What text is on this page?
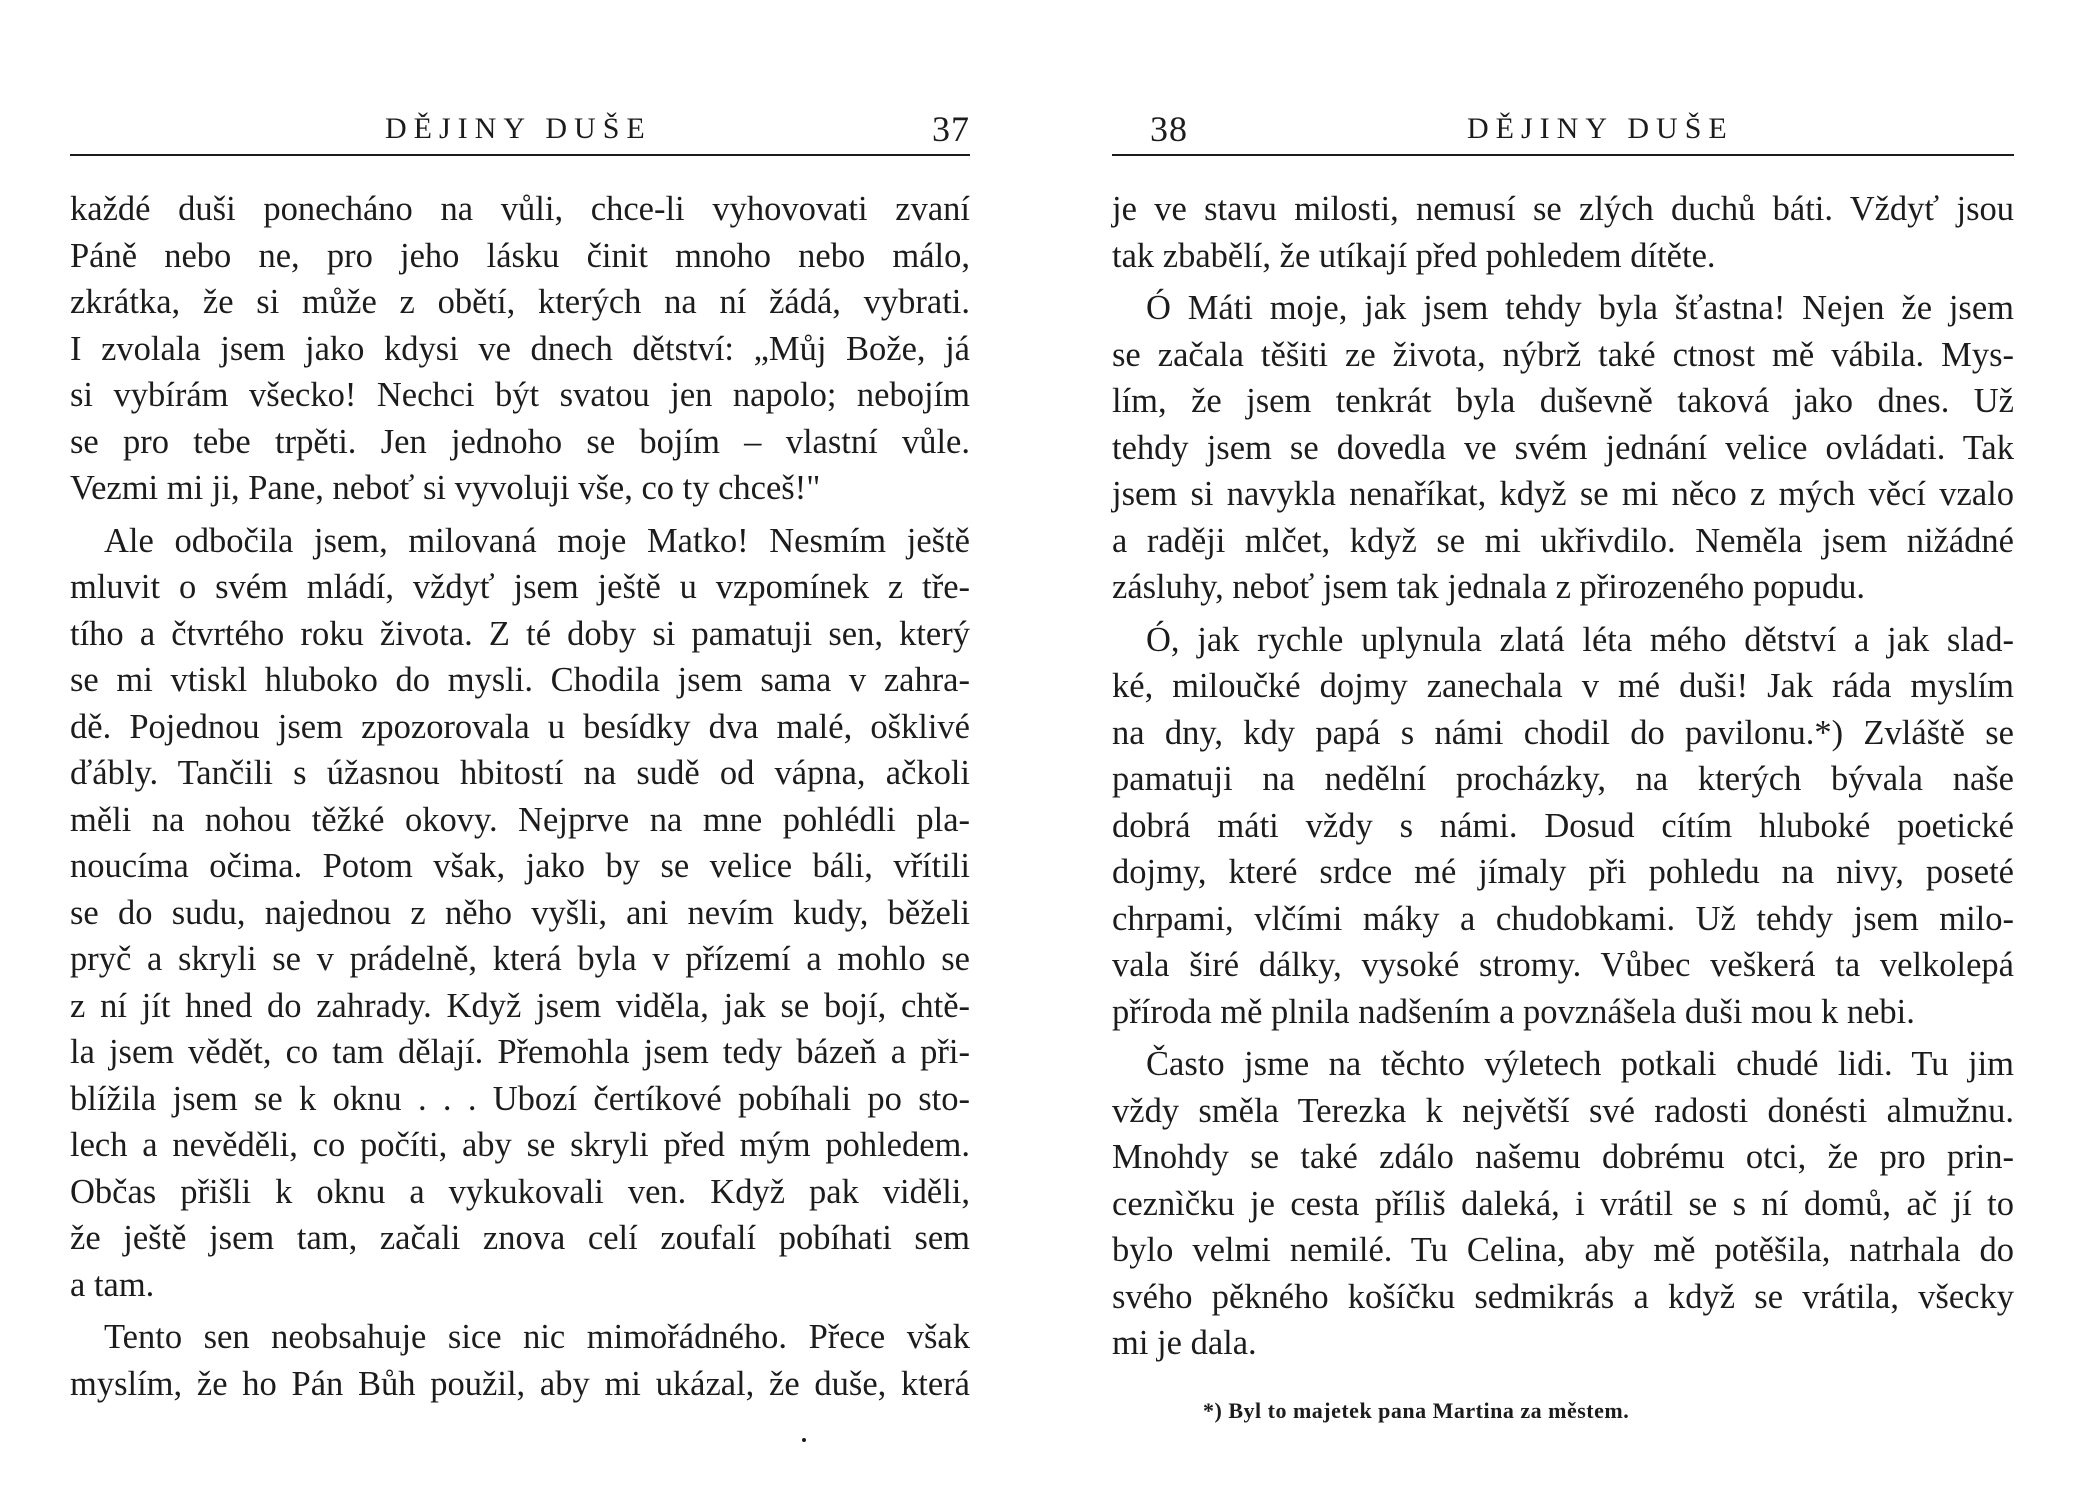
DĚJINY DUŠE	37
každé duši ponecháno na vůli, chce-li vyhovovati zvaní
Páně nebo ne, pro jeho lásku činit mnoho nebo málo,
zkrátka, že si může z obětí, kterých na ní žádá, vybrati.
I zvolala jsem jako kdysi ve dnech dětství: „Můj Bože, já
si vybírám všecko! Nechci být svatou jen napolo; nebojím
se pro tebe trpěti. Jen jednoho se bojím – vlastní vůle.
Vezmi mi ji, Pane, neboť si vyvoluji vše, co ty chceš!"
Ale odbočila jsem, milovaná moje Matko! Nesmím ještě
mluvit o svém mládí, vždyť jsem ještě u vzpomínek z tře-
tího a čtvrtého roku života. Z té doby si pamatuji sen, který
se mi vtiskl hluboko do mysli. Chodila jsem sama v zahra-
dě. Pojednou jsem zpozorovala u besídky dva malé, ošklivé
ďábly. Tančili s úžasnou hbitostí na sudě od vápna, ačkoli
měli na nohou těžké okovy. Nejprve na mne pohlédli pla-
noucíma očima. Potom však, jako by se velice báli, vřítili
se do sudu, najednou z něho vyšli, ani nevím kudy, běželi
pryč a skryli se v prádelně, která byla v přízemí a mohlo se
z ní jít hned do zahrady. Když jsem viděla, jak se bojí, chtě-
la jsem vědět, co tam dělají. Přemohla jsem tedy bázeň a při-
blížila jsem se k oknu . . . Ubozí čertíkové pobíhali po sto-
lech a nevěděli, co počíti, aby se skryli před mým pohledem.
Občas přišli k oknu a vykukovali ven. Když pak viděli,
že ještě jsem tam, začali znova celí zoufalí pobíhati sem
a tam.
Tento sen neobsahuje sice nic mimořádného. Přece však
myslím, že ho Pán Bůh použil, aby mi ukázal, že duše, která
38	DĚJINY DUŠE
je ve stavu milosti, nemusí se zlých duchů báti. Vždyť jsou
tak zbabělí, že utíkají před pohledem dítěte.
Ó Máti moje, jak jsem tehdy byla šťastna! Nejen že jsem
se začala těšiti ze života, nýbrž také ctnost mě vábila. Mys-
lím, že jsem tenkrát byla duševně taková jako dnes. Už
tehdy jsem se dovedla ve svém jednání velice ovládati. Tak
jsem si navykla nenaříkat, když se mi něco z mých věcí vzalo
a raději mlčet, když se mi ukřivdilo. Neměla jsem nižádné
zásluhy, neboť jsem tak jednala z přirozeného popudu.
Ó, jak rychle uplynula zlatá léta mého dětství a jak slad-
ké, miloučké dojmy zanechala v mé duši! Jak ráda myslím
na dny, kdy papá s námi chodil do pavilonu.*) Zvláště se
pamatuji na nedělní procházky, na kterých bývala naše
dobrá máti vždy s námi. Dosud cítím hluboké poetické
dojmy, které srdce mé jímaly při pohledu na nivy, poseté
chrpami, vlčími máky a chudobkami. Už tehdy jsem milo-
vala širé dálky, vysoké stromy. Vůbec veškerá ta velkolepá
příroda mě plnila nadšením a povznášela duši mou k nebi.
Často jsme na těchto výletech potkali chudé lidi. Tu jim
vždy směla Terezka k největší své radosti donésti almužnu.
Mnohdy se také zdálo našemu dobrému otci, že pro prin-
ceznìčku je cesta příliš daleká, i vrátil se s ní domů, ač jí to
bylo velmi nemilé. Tu Celina, aby mě potěšila, natrhala do
svého pěkného košíčku sedmikrás a když se vrátila, všecky
mi je dala.
*) Byl to majetek pana Martina za městem.
